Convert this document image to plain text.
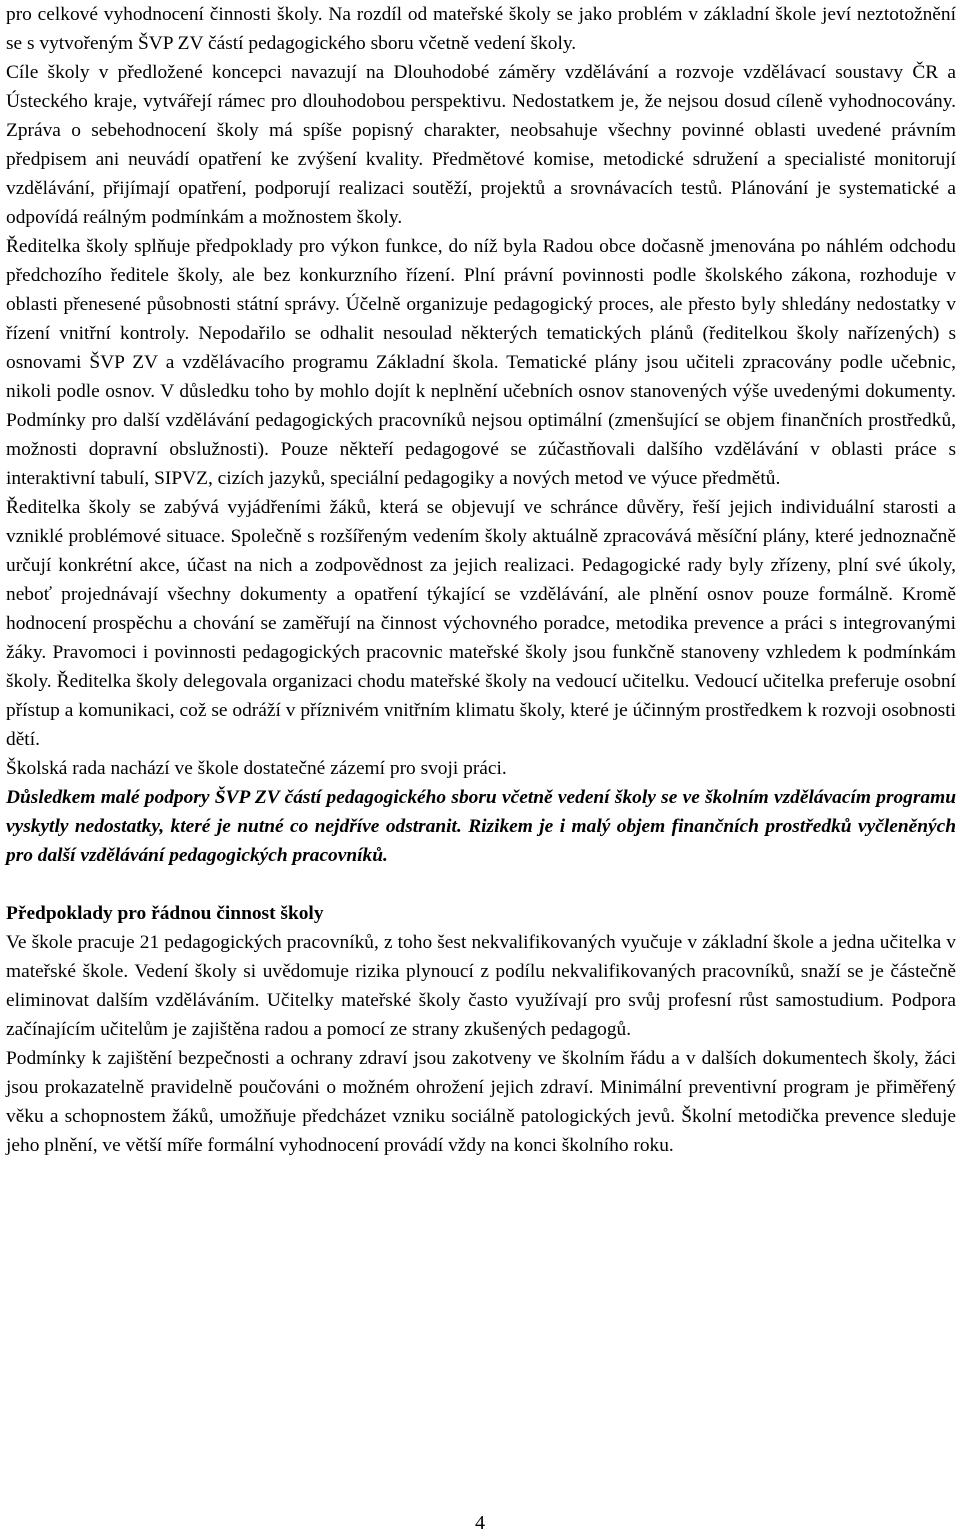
pro celkové vyhodnocení činnosti školy. Na rozdíl od mateřské školy se jako problém v základní škole jeví neztotožnění se s vytvořeným ŠVP ZV částí pedagogického sboru včetně vedení školy.

Cíle školy v předložené koncepci navazují na Dlouhodobé záměry vzdělávání a rozvoje vzdělávací soustavy ČR a Ústeckého kraje, vytvářejí rámec pro dlouhodobou perspektivu. Nedostatkem je, že nejsou dosud cíleně vyhodnocovány. Zpráva o sebehodnocení školy má spíše popisný charakter, neobsahuje všechny povinné oblasti uvedené právním předpisem ani neuvádí opatření ke zvýšení kvality. Předmětové komise, metodické sdružení a specialisté monitorují vzdělávání, přijímají opatření, podporují realizaci soutěží, projektů a srovnávacích testů. Plánování je systematické a odpovídá reálným podmínkám a možnostem školy.

Ředitelka školy splňuje předpoklady pro výkon funkce, do níž byla Radou obce dočasně jmenována po náhlém odchodu předchozího ředitele školy, ale bez konkurzního řízení. Plní právní povinnosti podle školského zákona, rozhoduje v oblasti přenesené působnosti státní správy. Účelně organizuje pedagogický proces, ale přesto byly shledány nedostatky v řízení vnitřní kontroly. Nepodařilo se odhalit nesoulad některých tematických plánů (ředitelkou školy nařízených) s osnovami ŠVP ZV a vzdělávacího programu Základní škola. Tematické plány jsou učiteli zpracovány podle učebnic, nikoli podle osnov. V důsledku toho by mohlo dojít k neplnění učebních osnov stanovených výše uvedenými dokumenty. Podmínky pro další vzdělávání pedagogických pracovníků nejsou optimální (zmenšující se objem finančních prostředků, možnosti dopravní obslužnosti). Pouze někteří pedagogové se zúčastňovali dalšího vzdělávání v oblasti práce s interaktivní tabulí, SIPVZ, cizích jazyků, speciální pedagogiky a nových metod ve výuce předmětů.

Ředitelka školy se zabývá vyjádřeními žáků, která se objevují ve schránce důvěry, řeší jejich individuální starosti a vzniklé problémové situace. Společně s rozšířeným vedením školy aktuálně zpracovává měsíční plány, které jednoznačně určují konkrétní akce, účast na nich a zodpovědnost za jejich realizaci. Pedagogické rady byly zřízeny, plní své úkoly, neboť projednávají všechny dokumenty a opatření týkající se vzdělávání, ale plnění osnov pouze formálně. Kromě hodnocení prospěchu a chování se zaměřují na činnost výchovného poradce, metodika prevence a práci s integrovanými žáky. Pravomoci i povinnosti pedagogických pracovnic mateřské školy jsou funkčně stanoveny vzhledem k podmínkám školy. Ředitelka školy delegovala organizaci chodu mateřské školy na vedoucí učitelku. Vedoucí učitelka preferuje osobní přístup a komunikaci, což se odráží v příznivém vnitřním klimatu školy, které je účinným prostředkem k rozvoji osobnosti dětí.

Školská rada nachází ve škole dostatečné zázemí pro svoji práci.

Důsledkem malé podpory ŠVP ZV částí pedagogického sboru včetně vedení školy se ve školním vzdělávacím programu vyskytly nedostatky, které je nutné co nejdříve odstranit. Rizikem je i malý objem finančních prostředků vyčleněných pro další vzdělávání pedagogických pracovníků.

Předpoklady pro řádnou činnost školy

Ve škole pracuje 21 pedagogických pracovníků, z toho šest nekvalifikovaných vyučuje v základní škole a jedna učitelka v mateřské škole. Vedení školy si uvědomuje rizika plynoucí z podílu nekvalifikovaných pracovníků, snaží se je částečně eliminovat dalším vzděláváním. Učitelky mateřské školy často využívají pro svůj profesní růst samostudium. Podpora začínajícím učitelům je zajištěna radou a pomocí ze strany zkušených pedagogů.

Podmínky k zajištění bezpečnosti a ochrany zdraví jsou zakotveny ve školním řádu a v dalších dokumentech školy, žáci jsou prokazatelně pravidelně poučováni o možném ohrožení jejich zdraví. Minimální preventivní program je přiměřený věku a schopnostem žáků, umožňuje předcházet vzniku sociálně patologických jevů. Školní metodička prevence sleduje jeho plnění, ve větší míře formální vyhodnocení provádí vždy na konci školního roku.

4
